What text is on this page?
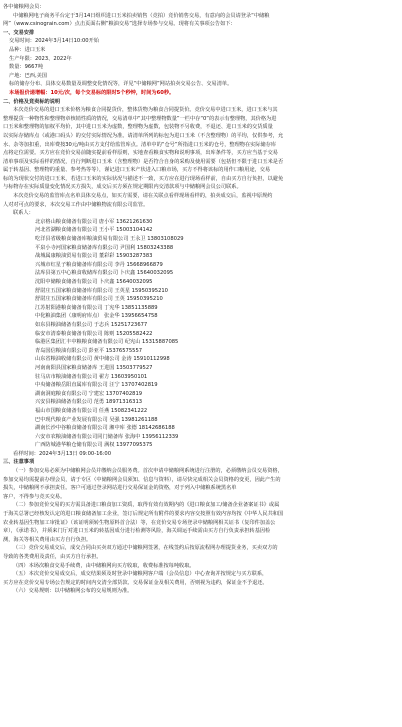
各中储粮网会员：
中储粮网电子商务平台定于3月14日组织进口玉米拍卖销售（竞拍）竞价销售交易，有意向的会员请登录“中储粮
网”（www.csinograin.com）点击页面右侧“粮油交易”选择专场参与交易。现将有关事项公告如下：
一、交易安排
交易时间：2024年3月14日10:00开始
品种：进口玉米
生产年限：2023、2022年
数量：9667吨
产地：巴西,美国
标的储存分布、具体交易数量及调整变化情况等，详见“中储粮网”网站拍卖交易公告、交易清单。
本场报价递增幅：10元/次，每个交易标的限时5个秒钟，时间为60秒。
二、价格及竞卖标的说明
本次竞价交易的进口玉米价格为粮食合同提货价，整体货物为粮食合同提货价。竞价交易中进口玉米，进口玉米与其
整理提货一种物性和整理物章核销性质的情况，交易清单中“其中整理物数量”一栏中存“0”的表示有整理物，其价格为进
口玉米和整理物的加权平均价，其中进口玉米为虚数，整理物为虚数，包装物不另收费，不退还、进口玉米的交货质量
以实际存储库点（或港口码头）的交付实际情况为准。请清单所列的标包为进口玉米（不含整理物）的平均，仅供参考，允
水、杂等加扣重，出库费按30元/吨由买方支付给监管库点。清单中的“仓号”所指进口玉米的仓号，整理物在实际储存库
点将定位需要。买方应在竞价交易前随实提前看样原则，实地查看粮食实物和说明事项，出库条件等，买方应当基于交易
清单事项及实际看样的情况，自行判断进口玉米（含整理物）是否符合自身的采购及使用需要（包括但不限于进口玉米是否
属于转基因、整理物的重量、参考热等等），谨记进口玉米产状进入口粮市场，买方不得将该标的用作口粮用途，交易
标的为现状交付的进口玉米，若进口玉米的实际状况与描述不一致，买方应在进行现场看样前，自由买方自行负担，以避免
与标物存在实际质量变化情况买方损失，成交后买方须在规定期限内交清款项与中储粮网会员公司联系。
本次竞价交易的监管库点名单具体交易点，如买方需要，请在关联点看样现场看样的，拍卖成交后，监视中原规约
人对对可点的要求，本次交易工作由中储粮物流有限公司监管。
联系人：
北京格山粮食储备有限公司 唐小军 13621261630
河北省湖粮食储备有限公司 王小平 15003104142
吃洋县省级粮食储备库粮油贸易有限公司 王永卫 13803108029
平泉小寺河国家粮食储备库有限公司 尹国利 15803243388
战城属康粮油贸易有限公司 董彩彩 15903287383
兴城市红星子粮食储备库有限公司 李丹 15668966879
法库县第五中心粮食收储库有限公司 卜庆鑫 15640032095
沈阳中储粮食储备有限公司 卜庆鑫 15640032095
舒尉庄五国家粮食储备库有限公司 王英星 15950395210
舒尉庄五国家粮食储备库有限公司 王英 15950395210
江苏射阳港粮食储备有限公司 丁宪华 13851135889
中化粮油集团（康明府库点） 张金华 13956654758
如东县粮油储备有限公司 于志兵 15251723677
临安市清泰粮食储备有限公司 陈则 15205582422
临港区集团汇丰中粮粮食储备有限公司 纪宪山 15315887085
青岛国信粮油有限公司 彭亚平 15376575557
山东省粮油收储有限公司 黄中储公司 金涛 15910112998
河南南阳县国家粮食储备库 王进国 13503779527
驻马店市粮油储备有限公司 翟方 13603950101
中央储备粮岳阳直属库有限公司 汪宁 13707402819
湖南洞庭粮食有限公司 宁建宏 13707402819
兴安县粮油储备有限公司 范勇 18971316313
福山市国粮食储备有限公司 任燕 15082341222
巴中现代粮食产业发展有限公司 吴强 13981261188
湖南长沙中谷粮食储备有限公司 湘中库 张德 18142686188
六安市农粮油储备有限公司同门储备库 张海中 13956112339
广西防城港华粮仓储有限公司 满权 13977095375
看样时间：2024年3月13日 09:00-16:00
三、注意事项
（一）参加交易必须为中储粮网会员并缴纳会员服务费。首次申请中储粮网系统进行注册的，必须缴纳会员交易资格，
参加交易均需提前办理会员，请于专区（中储粮网会员须知、信息与资料），请尽快完成相关会员资格的变更，因此产生的
损失，中储粮网不承担责任。客户可通过登录网站进行交易保证金的资格，对于列入中储粮系统黑名单
客户，不得参与竞买交易。
（二）参加竞价交易的买方需具备进口粮食加工资质，取得有效有效期内的《进口粮食加工/储备企业备案证书》或属
于海关总署已经核发认定的进口粮食储备加工企业，签订后规定所有附件的要求内容交按照有效内容均按《中华人民共和国
农业转基因生物加工审批证》（该证明须转生物原料首合法）等，在竞价交易专场登录中储粮网相关证书（复印件加盖公
章），《承诺书》，并须来门厅对进口玉米的转基因成分进行检测等风险，海关调运手续需由买方自行负责承担转基因检
测，海关等相关费用由买方自行负担。
（三）竞价交易成交后，成交合同由买卖双方通过中储粮网签署，在线签约后按原流程网办理提货业务，买卖双方的
导致的各类费用及责任，由买方自行承担。
（四）本场次粮食交易手续费，由中储粮网向买方收取，收费标准按每吨收取。
（五）本次竞价交易成交后，成交结果须及时登录中储粮网客户端（会员信息）中心查询并按规定与买方联系，
买方应在竞价交易专场公告规定的时间内交清全部货款、交易保证金及相关费用，否则视为违约，保证金不予退还。
（六）交易规则：以中储粮网公布的交易规则为准。
